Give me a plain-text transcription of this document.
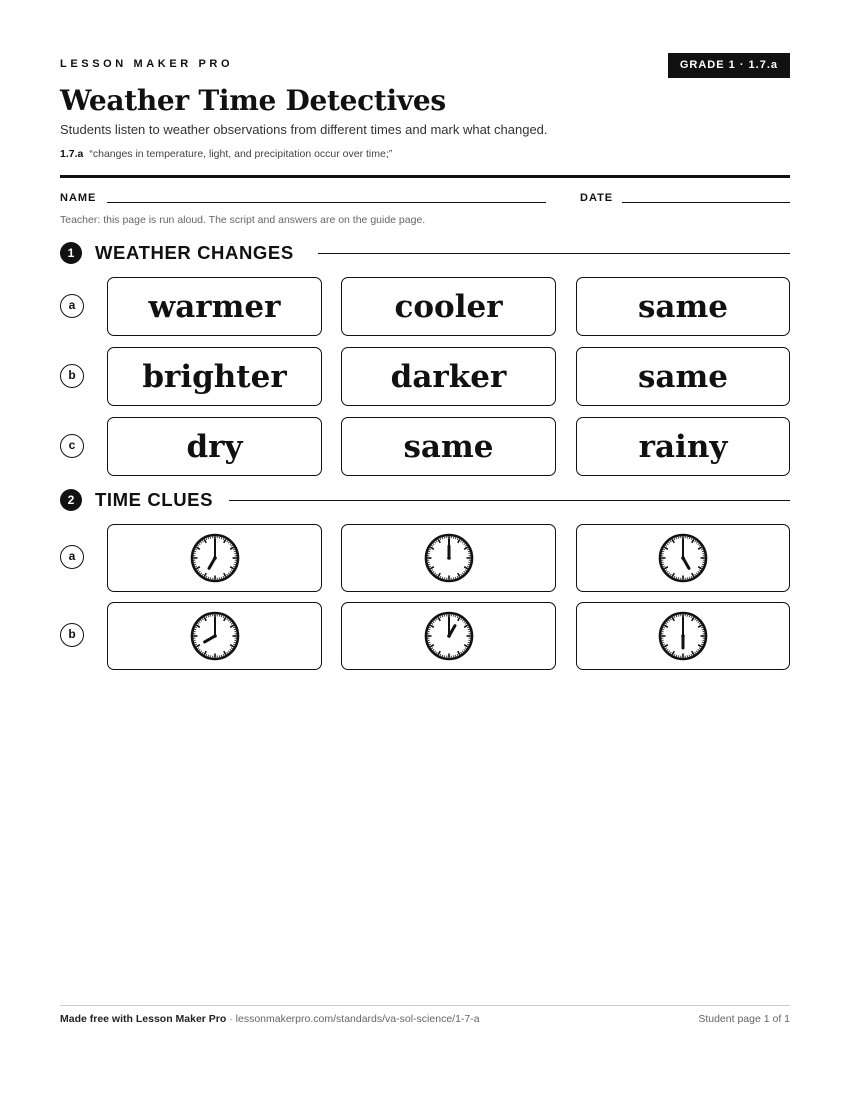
LESSON MAKER PRO	GRADE 1 · 1.7.a
Weather Time Detectives
Students listen to weather observations from different times and mark what changed.
1.7.a “changes in temperature, light, and precipitation occur over time;”
NAME	DATE
Teacher: this page is run aloud. The script and answers are on the guide page.
1	WEATHER CHANGES
a warmer	cooler	same
b brighter	darker	same
c	dry	same	rainy
2	TIME CLUES
a
b
Made free with Lesson Maker Pro · lessonmakerpro.com/standards/va-sol-science/1-7-a	Student page 1 of 1
